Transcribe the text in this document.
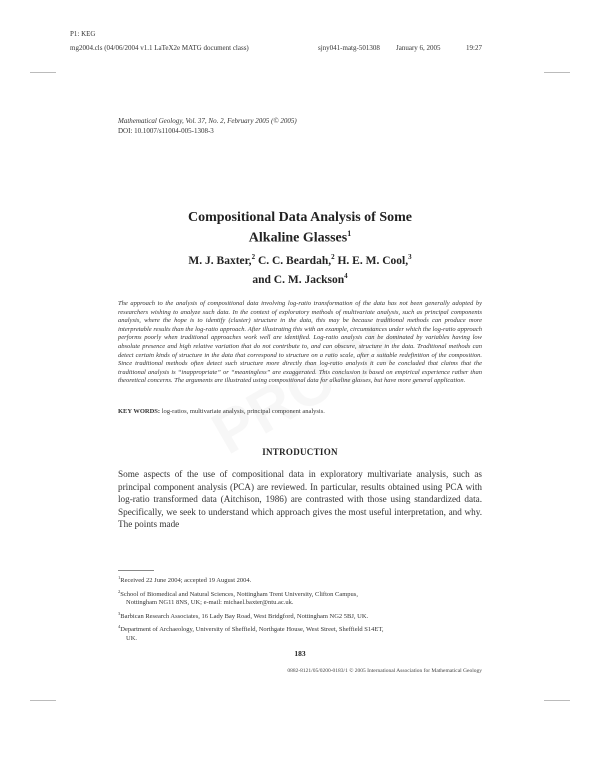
P1: KEG
mg2004.cls (04/06/2004 v1.1 LaTeX2e MATG document class)	sjny041-matg-501308 January 6, 2005	19:27
Mathematical Geology, Vol. 37, No. 2, February 2005 (© 2005)
DOI: 10.1007/s11004-005-1308-3
Compositional Data Analysis of Some
Alkaline Glasses$^1$
M. J. Baxter,$^2$ C. C. Beardah,$^2$ H. E. M. Cool,$^3$
and C. M. Jackson$^4$

The approach to the analysis of compositional data involving log-ratio transformation of the data has not been generally adopted by researchers wishing to analyze such data. In the context of exploratory methods of multivariate analysis, such as principal components analysis, where the hope is to identify (cluster) structure in the data, this may be because traditional methods can produce more interpretable results than the log-ratio approach. After illustrating this with an example, circumstances under which the log-ratio approach performs poorly when traditional approaches work well are identified. Log-ratio analysis can be dominated by variables having low absolute presence and high relative variation that do not contribute to, and can obscure, structure in the data. Traditional methods can detect certain kinds of structure in the data that correspond to structure on a ratio scale, after a suitable redefinition of the composition. Since traditional methods often detect such structure more directly than log-ratio analysis it can be concluded that claims that the traditional analysis is “inappropriate” or “meaningless” are exaggerated. This conclusion is based on empirical experience rather than theoretical concerns. The arguments are illustrated using compositional data for alkaline glasses, but have more general application.

KEY WORDS: log-ratios, multivariate analysis, principal component analysis.
INTRODUCTION

Some aspects of the use of compositional data in exploratory multivariate analysis, such as principal component analysis (PCA) are reviewed. In particular, results obtained using PCA with log-ratio transformed data (Aitchison, 1986) are contrasted with those using standardized data. Specifically, we seek to understand which approach gives the most useful interpretation, and why. The points made

$^1$Received 22 June 2004; accepted 19 August 2004.
$^2$School of Biomedical and Natural Sciences, Nottingham Trent University, Clifton Campus,
Nottingham NG11 8NS, UK; e-mail: michael.baxter@ntu.ac.uk.
$^3$Barbican Research Associates, 16 Lady Bay Road, West Bridgford, Nottingham NG2 5BJ, UK.
$^4$Department of Archaeology, University of Sheffield, Northgate House, West Street, Sheffield S14ET,
UK.
183
0882-8121/05/0200-0183/1 © 2005 International Association for Mathematical Geology
